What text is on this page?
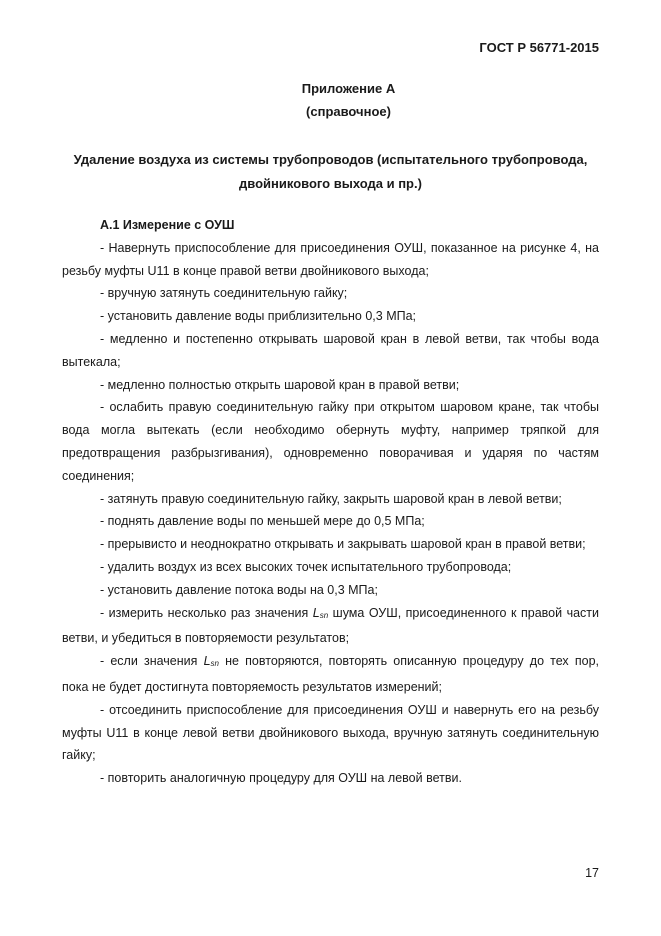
ГОСТ Р 56771-2015
Приложение А
(справочное)
Удаление воздуха из системы трубопроводов (испытательного трубопровода, двойникового выхода и пр.)

А.1 Измерение с ОУШ

- Навернуть приспособление для присоединения ОУШ, показанное на рисунке 4, на резьбу муфты U11 в конце правой ветви двойникового выхода;

- вручную затянуть соединительную гайку;

- установить давление воды приблизительно 0,3 МПа;

- медленно и постепенно открывать шаровой кран в левой ветви, так чтобы вода вытекала;

- медленно полностью открыть шаровой кран в правой ветви;

- ослабить правую соединительную гайку при открытом шаровом кране, так чтобы вода могла вытекать (если необходимо обернуть муфту, например тряпкой для предотвращения разбрызгивания), одновременно поворачивая и ударяя по частям соединения;

- затянуть правую соединительную гайку, закрыть шаровой кран в левой ветви;

- поднять давление воды по меньшей мере до 0,5 МПа;

- прерывисто и неоднократно открывать и закрывать шаровой кран в правой ветви;

- удалить воздух из всех высоких точек испытательного трубопровода;

- установить давление потока воды на 0,3 МПа;

- измерить несколько раз значения $L_{sn}$ шума ОУШ, присоединенного к правой части ветви, и убедиться в повторяемости результатов;

- если значения $L_{sn}$ не повторяются, повторять описанную процедуру до тех пор, пока не будет достигнута повторяемость результатов измерений;

- отсоединить приспособление для присоединения ОУШ и навернуть его на резьбу муфты U11 в конце левой ветви двойникового выхода, вручную затянуть соединительную гайку;

- повторить аналогичную процедуру для ОУШ на левой ветви.

17
